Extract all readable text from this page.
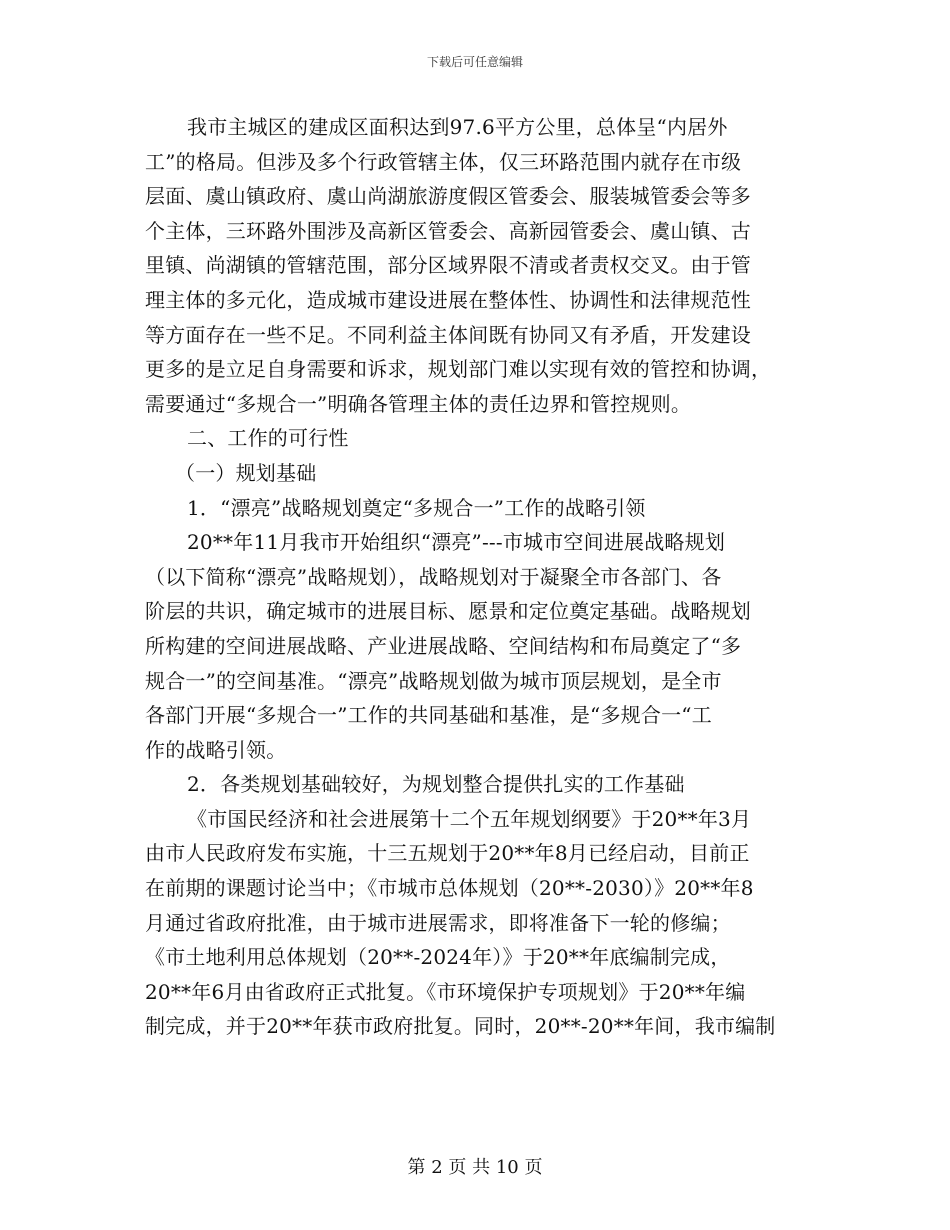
下载后可任意编辑
我市主城区的建成区面积达到97.6平方公里，总体呈“内居外
工”的格局。但涉及多个行政管辖主体，仅三环路范围内就存在市级
层面、虞山镇政府、虞山尚湖旅游度假区管委会、服装城管委会等多
个主体，三环路外围涉及高新区管委会、高新园管委会、虞山镇、古
里镇、尚湖镇的管辖范围，部分区域界限不清或者责权交叉。由于管
理主体的多元化，造成城市建设进展在整体性、协调性和法律规范性
等方面存在一些不足。不同利益主体间既有协同又有矛盾，开发建设
更多的是立足自身需要和诉求，规划部门难以实现有效的管控和协调，
需要通过“多规合一”明确各管理主体的责任边界和管控规则。
二、工作的可行性
（一）规划基础
1．“漂亮”战略规划奠定“多规合一”工作的战略引领
20**年11月我市开始组织“漂亮”---市城市空间进展战略规划
（以下简称“漂亮”战略规划），战略规划对于凝聚全市各部门、各
阶层的共识，确定城市的进展目标、愿景和定位奠定基础。战略规划
所构建的空间进展战略、产业进展战略、空间结构和布局奠定了“多
规合一”的空间基准。“漂亮”战略规划做为城市顶层规划，是全市
各部门开展“多规合一”工作的共同基础和基准，是“多规合一“工
作的战略引领。
2．各类规划基础较好，为规划整合提供扎实的工作基础
《市国民经济和社会进展第十二个五年规划纲要》于20**年3月
由市人民政府发布实施，十三五规划于20**年8月已经启动，目前正
在前期的课题讨论当中；《市城市总体规划（20**-2030）》20**年8
月通过省政府批准，由于城市进展需求，即将准备下一轮的修编；
《市土地利用总体规划（20**-2024年）》于20**年底编制完成，
20**年6月由省政府正式批复。《市环境保护专项规划》于20**年编
制完成，并于20**年获市政府批复。同时，20**-20**年间，我市编制
第 2 页 共 10 页
